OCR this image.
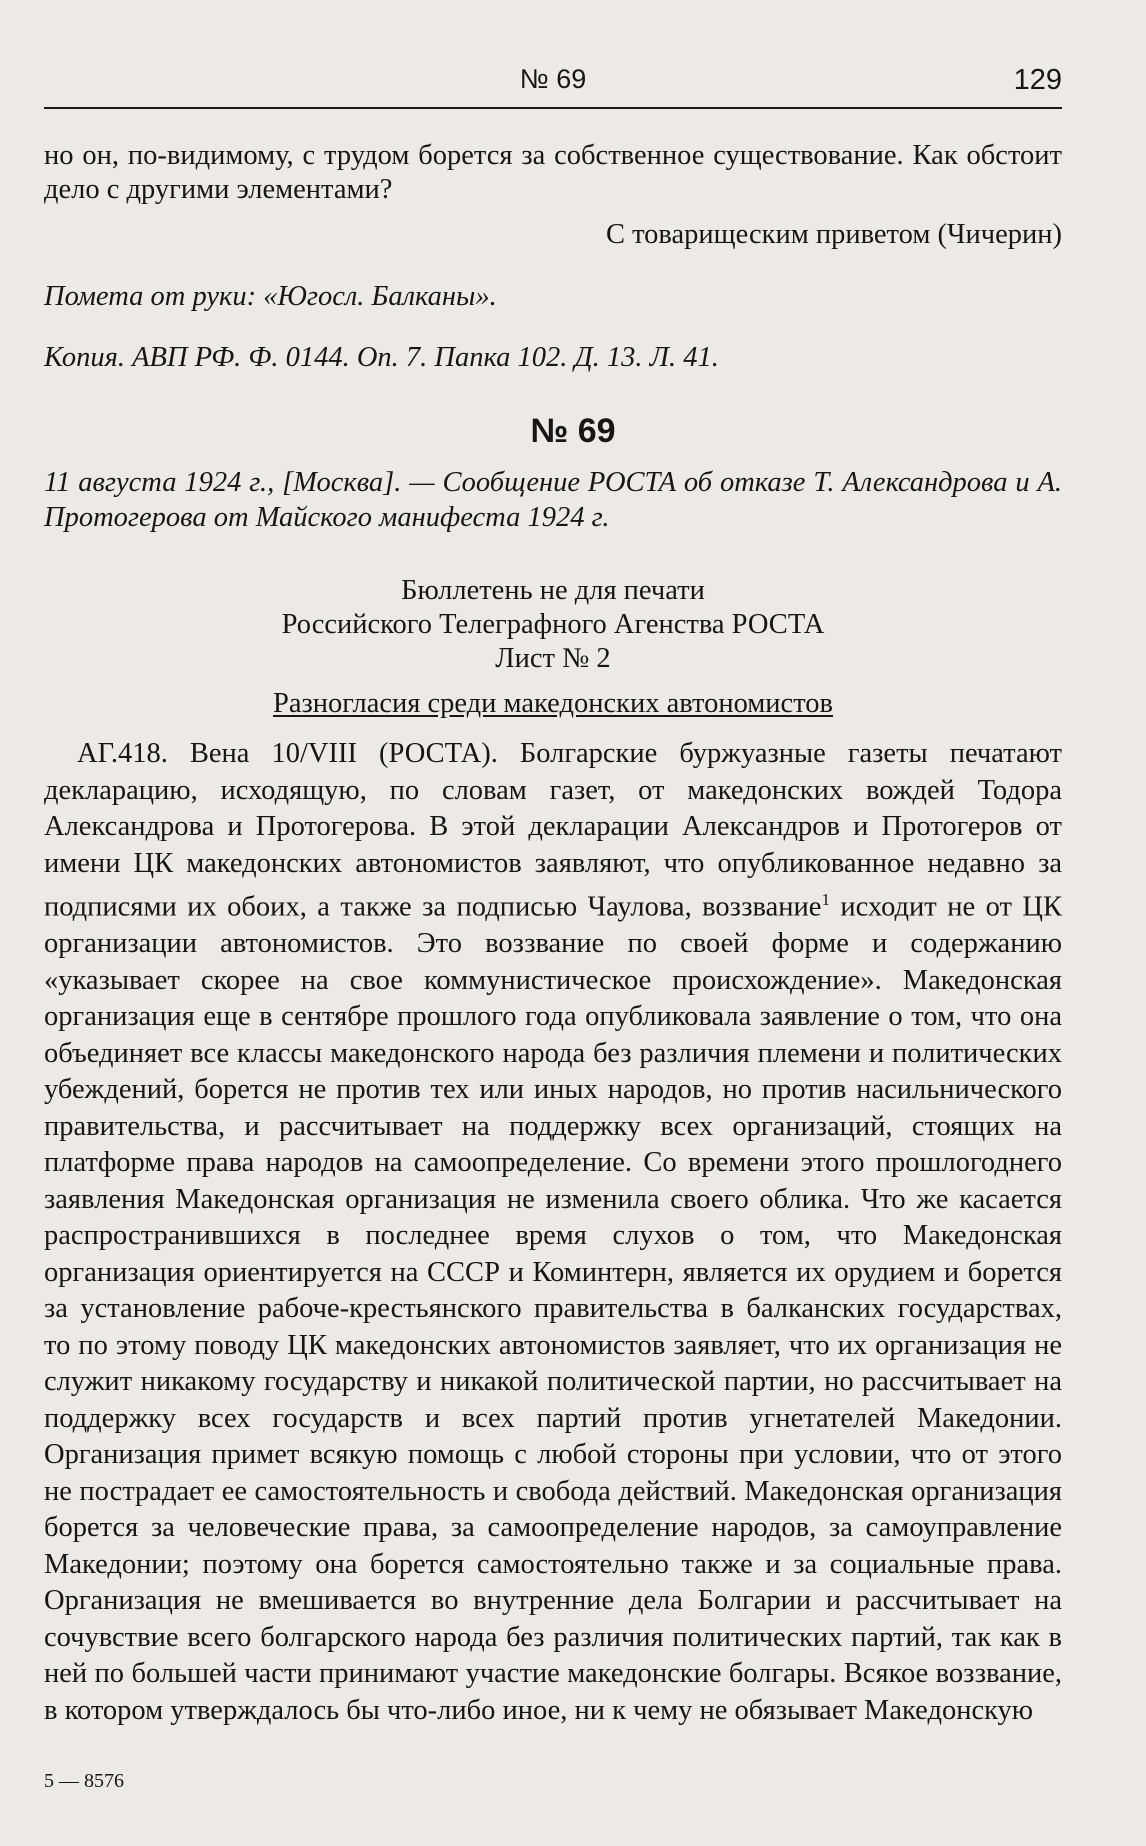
№ 69	129

но он, по-видимому, с трудом борется за собственное существование. Как обстоит дело с другими элементами?

С товарищеским приветом (Чичерин)
Помета от руки: «Югосл. Балканы».
Копия. АВП РФ. Ф. 0144. Оп. 7. Папка 102. Д. 13. Л. 41.
№ 69
11 августа 1924 г., [Москва]. — Сообщение РОСТА об отказе Т. Александрова и А. Протогерова от Майского манифеста 1924 г.
Бюллетень не для печати
Российского Телеграфного Агенства РОСТА
Лист № 2
Разногласия среди македонских автономистов

АГ.418. Вена 10/VIII (РОСТА). Болгарские буржуазные газеты печатают декларацию, исходящую, по словам газет, от македонских вождей Тодора Александрова и Протогерова. В этой декларации Александров и Протогеров от имени ЦК македонских автономистов заявляют, что опубликованное недавно за подписями их обоих, а также за подписью Чаулова, воззвание$^1$ исходит не от ЦК организации автономистов. Это воззвание по своей форме и содержанию «указывает скорее на свое коммунистическое происхождение». Македонская организация еще в сентябре прошлого года опубликовала заявление о том, что она объединяет все классы македонского народа без различия племени и политических убеждений, борется не против тех или иных народов, но против насильнического правительства, и рассчитывает на поддержку всех организаций, стоящих на платформе права народов на самоопределение. Со времени этого прошлогоднего заявления Македонская организация не изменила своего облика. Что же касается распространившихся в последнее время слухов о том, что Македонская организация ориентируется на СССР и Коминтерн, является их орудием и борется за установление рабоче-крестьянского правительства в балканских государствах, то по этому поводу ЦК македонских автономистов заявляет, что их организация не служит никакому государству и никакой политической партии, но рассчитывает на поддержку всех государств и всех партий против угнетателей Македонии. Организация примет всякую помощь с любой стороны при условии, что от этого не пострадает ее самостоятельность и свобода действий. Македонская организация борется за человеческие права, за самоопределение народов, за самоуправление Македонии; поэтому она борется самостоятельно также и за социальные права. Организация не вмешивается во внутренние дела Болгарии и рассчитывает на сочувствие всего болгарского народа без различия политических партий, так как в ней по большей части принимают участие македонские болгары. Всякое воззвание, в котором утверждалось бы что-либо иное, ни к чему не обязывает Македонскую

5 — 8576
